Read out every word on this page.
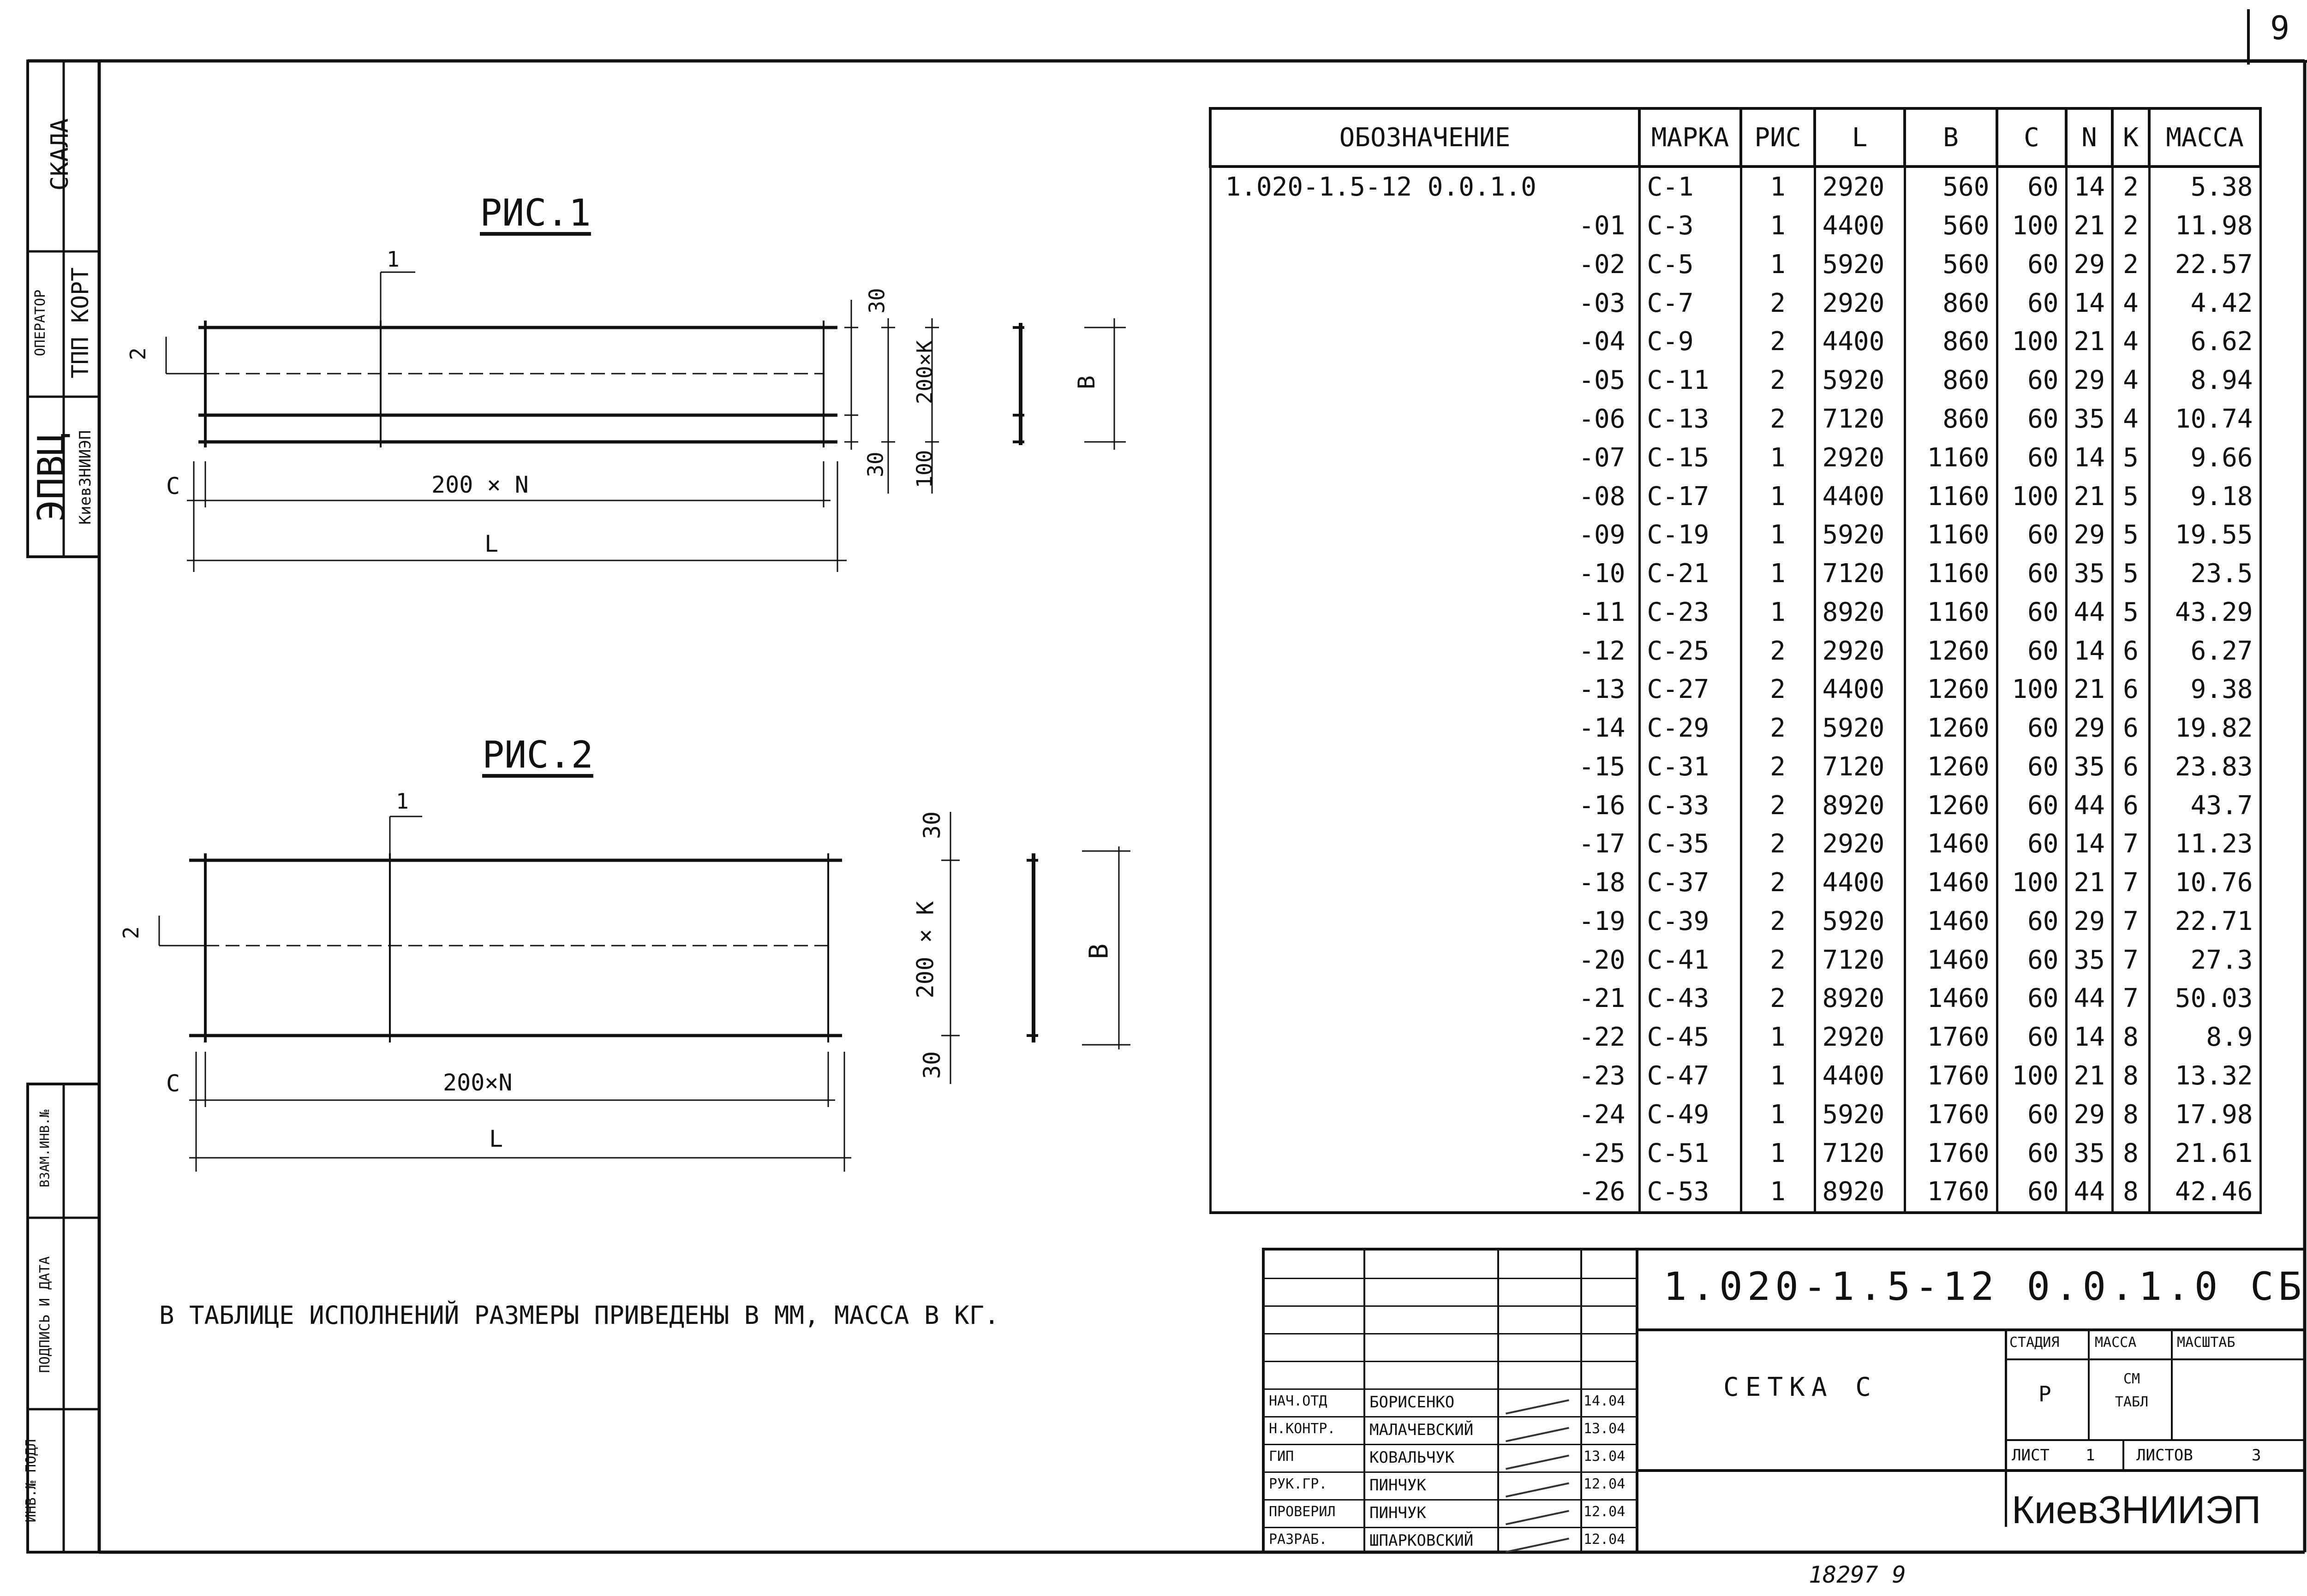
9
СКАЛА
ОПЕРАТОР ТПП КОРТ
ЭПВЦ КиевЗНИИЭП
ВЗАМ.ИНВ.№
ПОДПИСЬ И ДАТА
ИНВ.№ ПОДЛ
РИС.1
1
2
30
200×K
30 100
B
C	200 × N
L
РИС.2
1
2
30
200 × K
30
B
C	200×N
L
В ТАБЛИЦЕ ИСПОЛНЕНИЙ РАЗМЕРЫ ПРИВЕДЕНЫ В ММ, МАССА В КГ.
ОБОЗНАЧЕНИЕ	МАРКА	РИС	L	B	C	N	K	МАССА
1.020-1.5-12 0.0.1.0	С-1	1	2920	560	60	14	2	5.38
-01	С-3	1	4400	560	100	21	2	11.98
-02	С-5	1	5920	560	60	29	2	22.57
-03	С-7	2	2920	860	60	14	4	4.42
-04	С-9	2	4400	860	100	21	4	6.62
-05	С-11	2	5920	860	60	29	4	8.94
-06	С-13	2	7120	860	60	35	4	10.74
-07	С-15	1	2920	1160	60	14	5	9.66
-08	С-17	1	4400	1160	100	21	5	9.18
-09	С-19	1	5920	1160	60	29	5	19.55
-10	С-21	1	7120	1160	60	35	5	23.5
-11	С-23	1	8920	1160	60	44	5	43.29
-12	С-25	2	2920	1260	60	14	6	6.27
-13	С-27	2	4400	1260	100	21	6	9.38
-14	С-29	2	5920	1260	60	29	6	19.82
-15	С-31	2	7120	1260	60	35	6	23.83
-16	С-33	2	8920	1260	60	44	6	43.7
-17	С-35	2	2920	1460	60	14	7	11.23
-18	С-37	2	4400	1460	100	21	7	10.76
-19	С-39	2	5920	1460	60	29	7	22.71
-20	С-41	2	7120	1460	60	35	7	27.3
-21	С-43	2	8920	1460	60	44	7	50.03
-22	С-45	1	2920	1760	60	14	8	8.9
-23	С-47	1	4400	1760	100	21	8	13.32
-24	С-49	1	5920	1760	60	29	8	17.98
-25	С-51	1	7120	1760	60	35	8	21.61
-26	С-53	1	8920	1760	60	44	8	42.46
1.020-1.5-12 0.0.1.0 СБ
СЕТКА С
СТАДИЯ	МАССА	МАСШТАБ
Р
СМ ТАБЛ
ЛИСТ 1	ЛИСТОВ	3
КиевЗНИИЭП
НАЧ.ОТД	БОРИСЕНКО	14.04
Н.КОНТР. МАЛАЧЕВСКИЙ	13.04
ГИП	КОВАЛЬЧУК	13.04
РУК.ГР.	ПИНЧУК	12.04
ПРОВЕРИЛ ПИНЧУК	12.04
РАЗРАБ.	ШПАРКОВСКИЙ	12.04
18297 9
